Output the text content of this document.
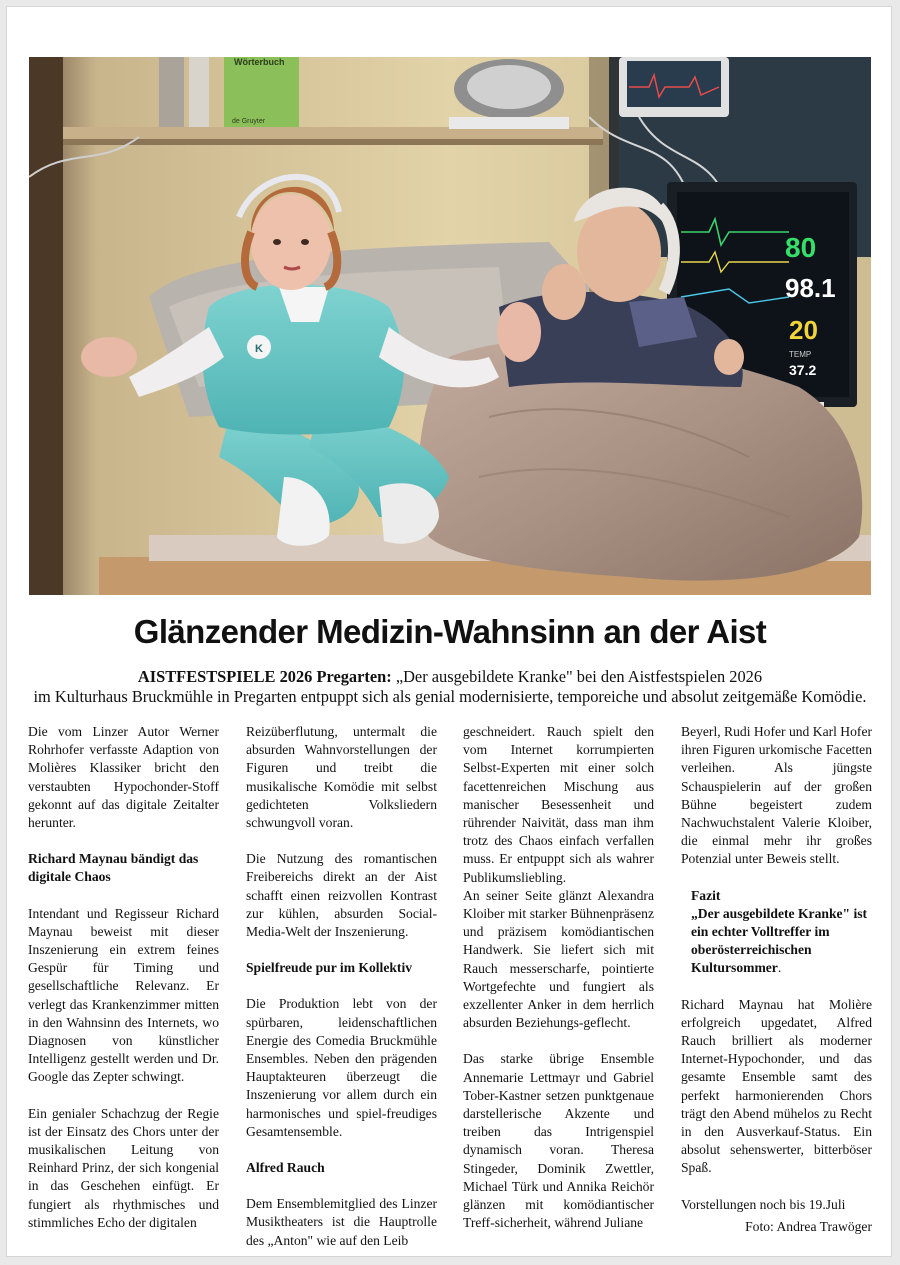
Wörterbuch
de Gruyter
80
98.1
20
TEMP
37.2
K
Glänzender Medizin-Wahnsinn an der Aist
AISTFESTSPIELE 2026 Pregarten: „Der ausgebildete Kranke" bei den Aistfestspielen 2026
im Kulturhaus Bruckmühle in Pregarten entpuppt sich als genial modernisierte, temporeiche und absolut zeitgemäße Komödie.

Die vom Linzer Autor Werner Rohrhofer verfasste Adaption von Molières Klassiker bricht den verstaubten Hypochonder-Stoff gekonnt auf das digitale Zeitalter herunter.

Richard Maynau bändigt das digitale Chaos

Intendant und Regisseur Richard Maynau beweist mit dieser Inszenierung ein extrem feines Gespür für Timing und gesellschaftliche Relevanz. Er verlegt das Krankenzimmer mitten in den Wahnsinn des Internets, wo Diagnosen von künstlicher Intelligenz gestellt werden und Dr. Google das Zepter schwingt.

Ein genialer Schachzug der Regie ist der Einsatz des Chors unter der musikalischen Leitung von Reinhard Prinz, der sich kongenial in das Geschehen einfügt. Er fungiert als rhythmisches und stimmliches Echo der digitalen

Reizüberflutung, untermalt die absurden Wahnvorstellungen der Figuren und treibt die musikalische Komödie mit selbst gedichteten Volksliedern schwungvoll voran.

Die Nutzung des romantischen Freibereichs direkt an der Aist schafft einen reizvollen Kontrast zur kühlen, absurden Social-Media-Welt der Inszenierung.

Spielfreude pur im Kollektiv

Die Produktion lebt von der spürbaren, leidenschaftlichen Energie des Comedia Bruckmühle Ensembles. Neben den prägenden Hauptakteuren überzeugt die Inszenierung vor allem durch ein harmonisches und spiel-freudiges Gesamtensemble.

Alfred Rauch

Dem Ensemblemitglied des Linzer Musiktheaters ist die Hauptrolle des „Anton" wie auf den Leib

geschneidert. Rauch spielt den vom Internet korrumpierten Selbst-Experten mit einer solch facettenreichen Mischung aus manischer Besessenheit und rührender Naivität, dass man ihm trotz des Chaos einfach verfallen muss. Er entpuppt sich als wahrer Publikumsliebling.

An seiner Seite glänzt Alexandra Kloiber mit starker Bühnenpräsenz und präzisem komödiantischen Handwerk. Sie liefert sich mit Rauch messerscharfe, pointierte Wortgefechte und fungiert als exzellenter Anker in dem herrlich absurden Beziehungs-geflecht.

Das starke übrige Ensemble Annemarie Lettmayr und Gabriel Tober-Kastner setzen punktgenaue darstellerische Akzente und treiben das Intrigenspiel dynamisch voran. Theresa Stingeder, Dominik Zwettler, Michael Türk und Annika Reichör glänzen mit komödiantischer Treff-sicherheit, während Juliane

Beyerl, Rudi Hofer und Karl Hofer ihren Figuren urkomische Facetten verleihen. Als jüngste Schauspielerin auf der großen Bühne begeistert zudem Nachwuchstalent Valerie Kloiber, die einmal mehr ihr großes Potenzial unter Beweis stellt.

Fazit
„Der ausgebildete Kranke" ist ein echter Volltreffer im oberösterreichischen Kultursommer.

Richard Maynau hat Molière erfolgreich upgedatet, Alfred Rauch brilliert als moderner Internet-Hypochonder, und das gesamte Ensemble samt des perfekt harmonierenden Chors trägt den Abend mühelos zu Recht in den Ausverkauf-Status. Ein absolut sehenswerter, bitterböser Spaß.

Vorstellungen noch bis 19.Juli

Foto: Andrea Trawöger
